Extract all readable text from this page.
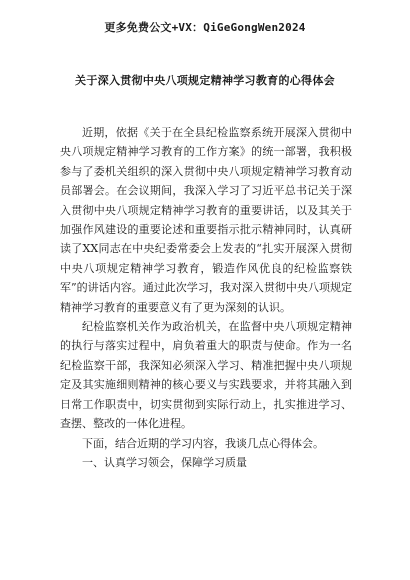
更多免费公文+VX：QiGeGongWen2024
关于深入贯彻中央八项规定精神学习教育的心得体会

近期，依据《关于在全县纪检监察系统开展深入贯彻中央八项规定精神学习教育的工作方案》的统一部署，我积极参与了委机关组织的深入贯彻中央八项规定精神学习教育动员部署会。在会议期间，我深入学习了习近平总书记关于深入贯彻中央八项规定精神学习教育的重要讲话，以及其关于加强作风建设的重要论述和重要指示批示精神同时，认真研读了XX同志在中央纪委常委会上发表的“扎实开展深入贯彻中央八项规定精神学习教育，锻造作风优良的纪检监察铁军”的讲话内容。通过此次学习，我对深入贯彻中央八项规定精神学习教育的重要意义有了更为深刻的认识。

纪检监察机关作为政治机关，在监督中央八项规定精神的执行与落实过程中，肩负着重大的职责与使命。作为一名纪检监察干部，我深知必须深入学习、精准把握中央八项规定及其实施细则精神的核心要义与实践要求，并将其融入到日常工作职责中，切实贯彻到实际行动上，扎实推进学习、查摆、整改的一体化进程。

下面，结合近期的学习内容，我谈几点心得体会。

一、认真学习领会，保障学习质量
